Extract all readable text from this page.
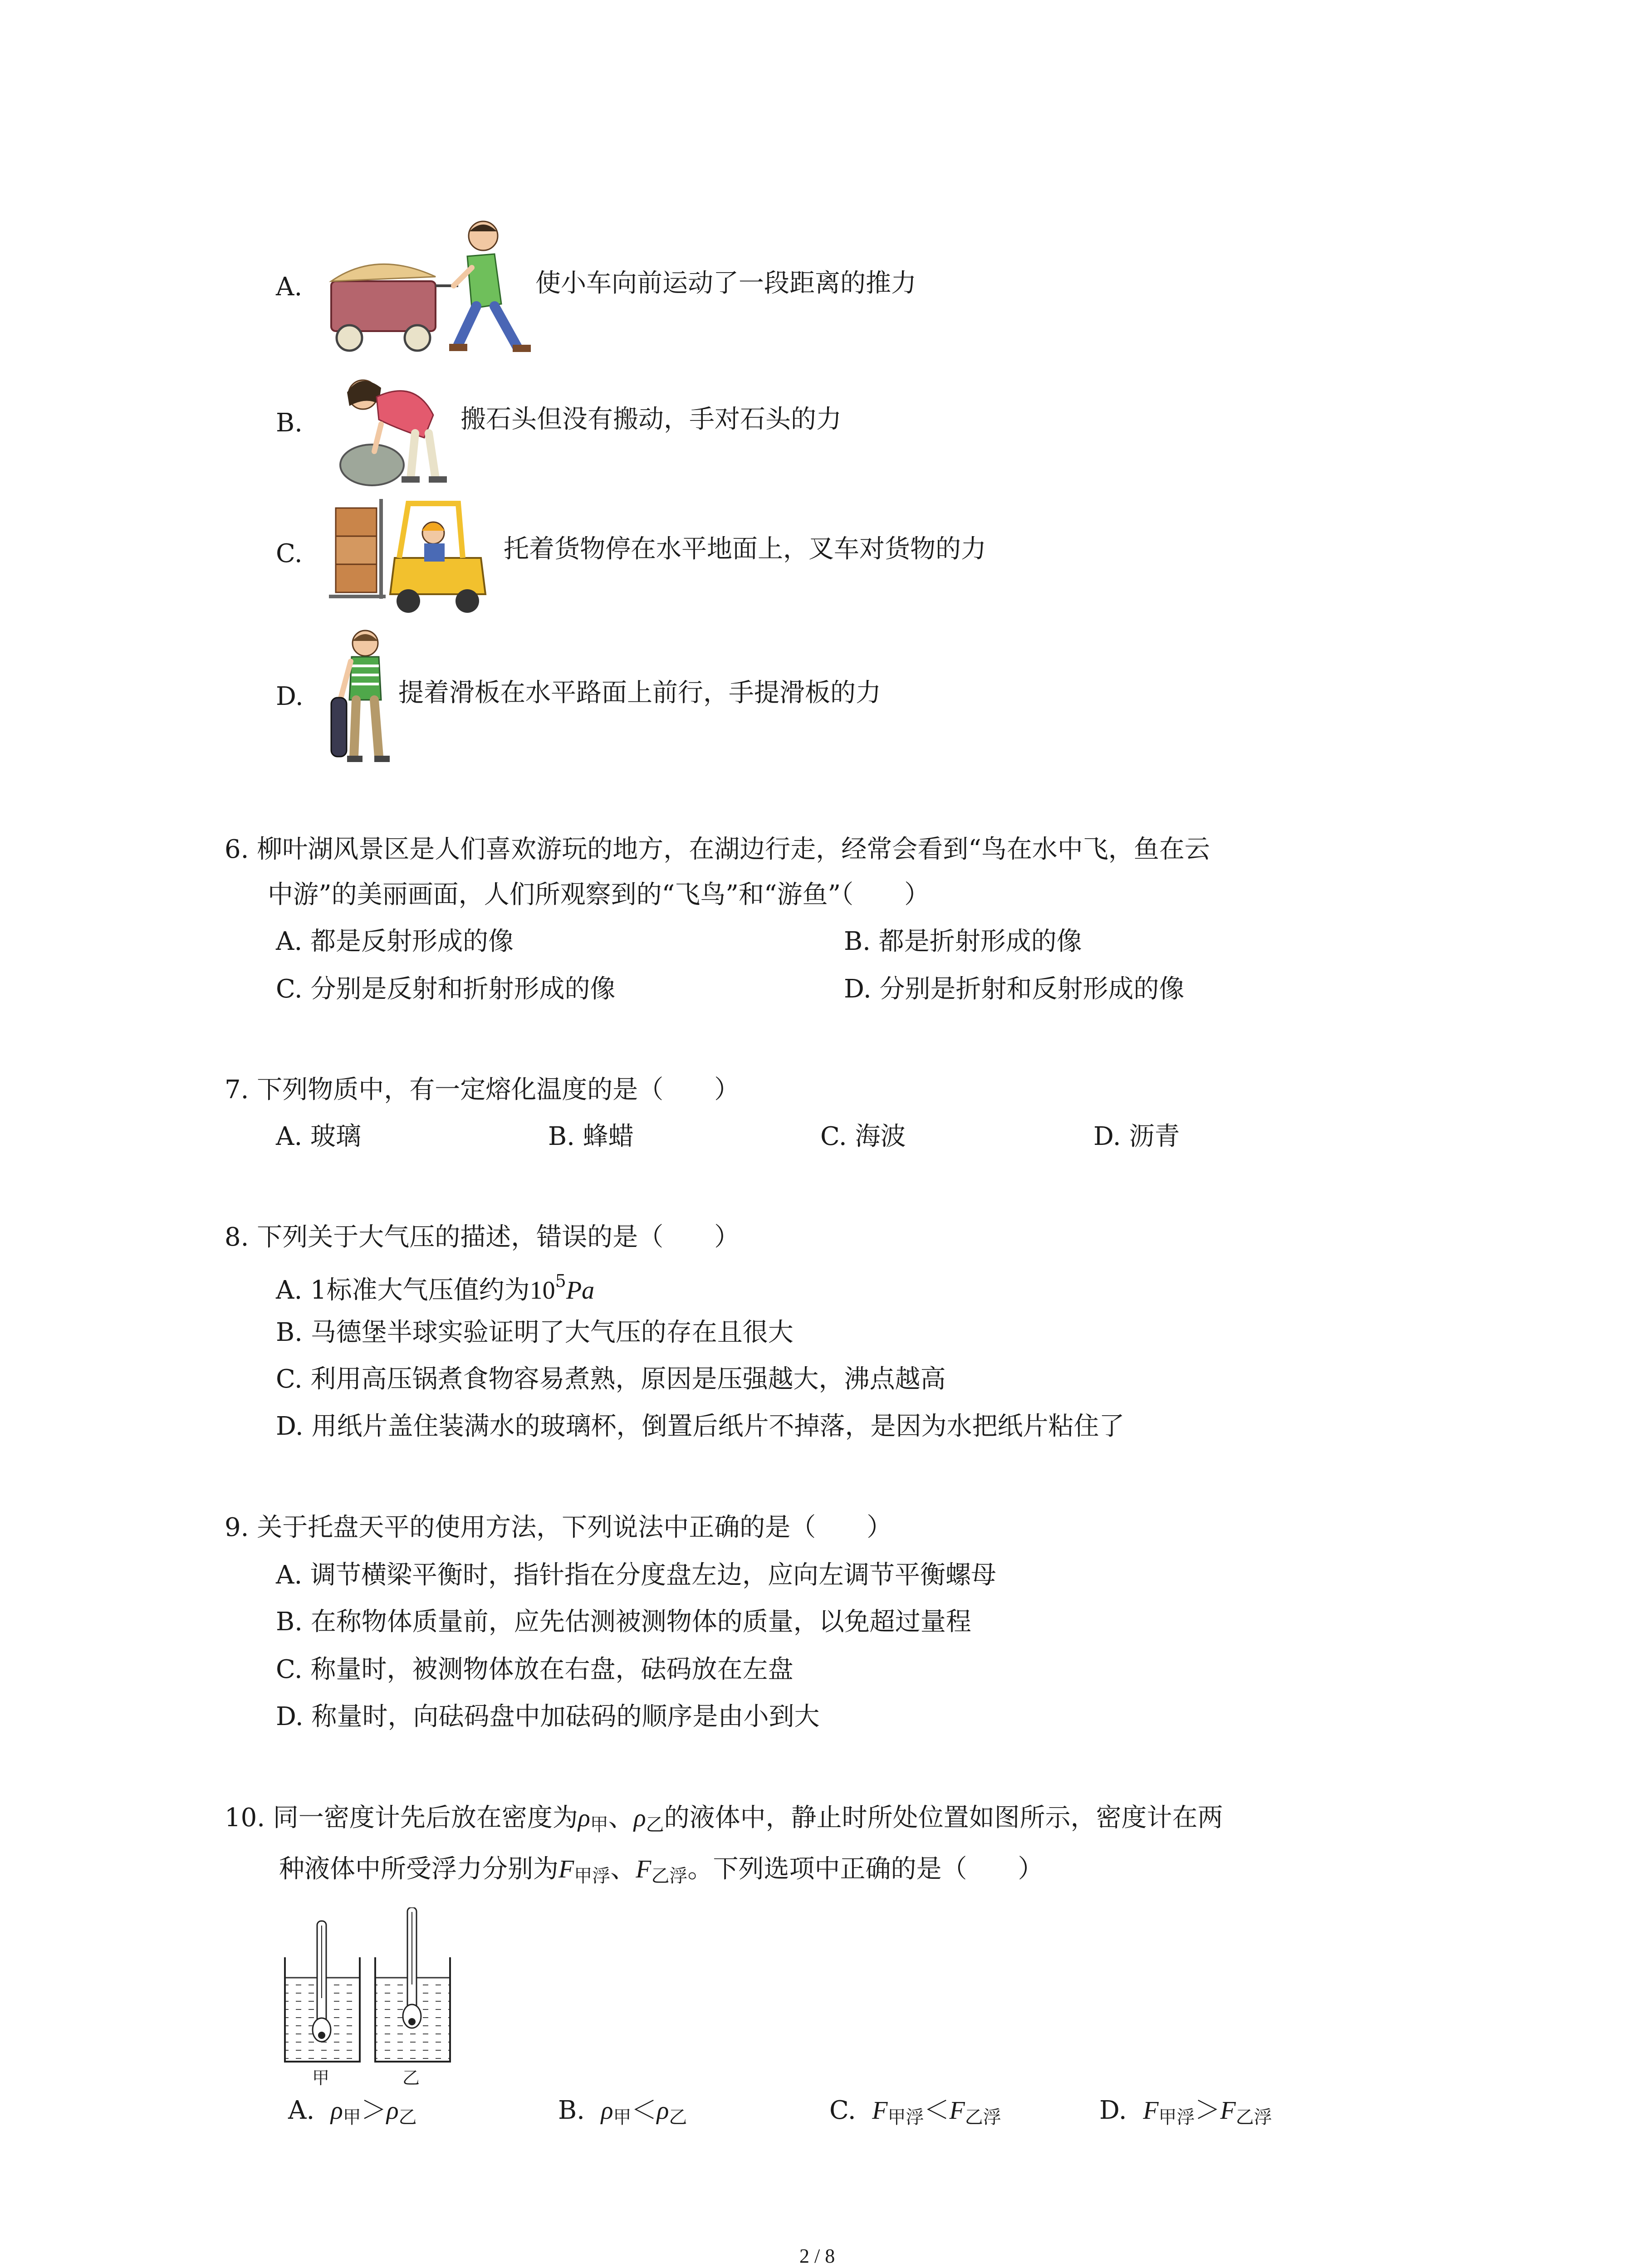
A.	使小车向前运动了一段距离的推力
B.	搬石头但没有搬动，手对石头的力
C.	托着货物停在水平地面上，叉车对货物的力
D.	提着滑板在水平路面上前行，手提滑板的力
6. 柳叶湖风景区是人们喜欢游玩的地方，在湖边行走，经常会看到“鸟在水中飞，鱼在云
中游”的美丽画面，人们所观察到的“飞鸟”和“游鱼”（　　）
A. 都是反射形成的像	B. 都是折射形成的像
C. 分别是反射和折射形成的像	D. 分别是折射和反射形成的像
7. 下列物质中，有一定熔化温度的是（　　）
A. 玻璃	B. 蜂蜡	C. 海波	D. 沥青
8. 下列关于大气压的描述，错误的是（　　）
A. 1标准大气压值约为$10^5Pa$
B. 马德堡半球实验证明了大气压的存在且很大
C. 利用高压锅煮食物容易煮熟，原因是压强越大，沸点越高
D. 用纸片盖住装满水的玻璃杯，倒置后纸片不掉落，是因为水把纸片粘住了
9. 关于托盘天平的使用方法，下列说法中正确的是（　　）
A. 调节横梁平衡时，指针指在分度盘左边，应向左调节平衡螺母
B. 在称物体质量前，应先估测被测物体的质量，以免超过量程
C. 称量时，被测物体放在右盘，砝码放在左盘
D. 称量时，向砝码盘中加砝码的顺序是由小到大
10. 同一密度计先后放在密度为$\rho_甲$、$\rho_乙$的液体中，静止时所处位置如图所示，密度计在两
种液体中所受浮力分别为$F_{甲浮}$、$F_{乙浮}$。下列选项中正确的是（　　）
甲	乙
A. $\rho_甲>\rho_乙$	B. $\rho_甲<\rho_乙$	C. $F_{甲浮}<F_{乙浮}$	D. $F_{甲浮}>F_{乙浮}$
2 / 8
